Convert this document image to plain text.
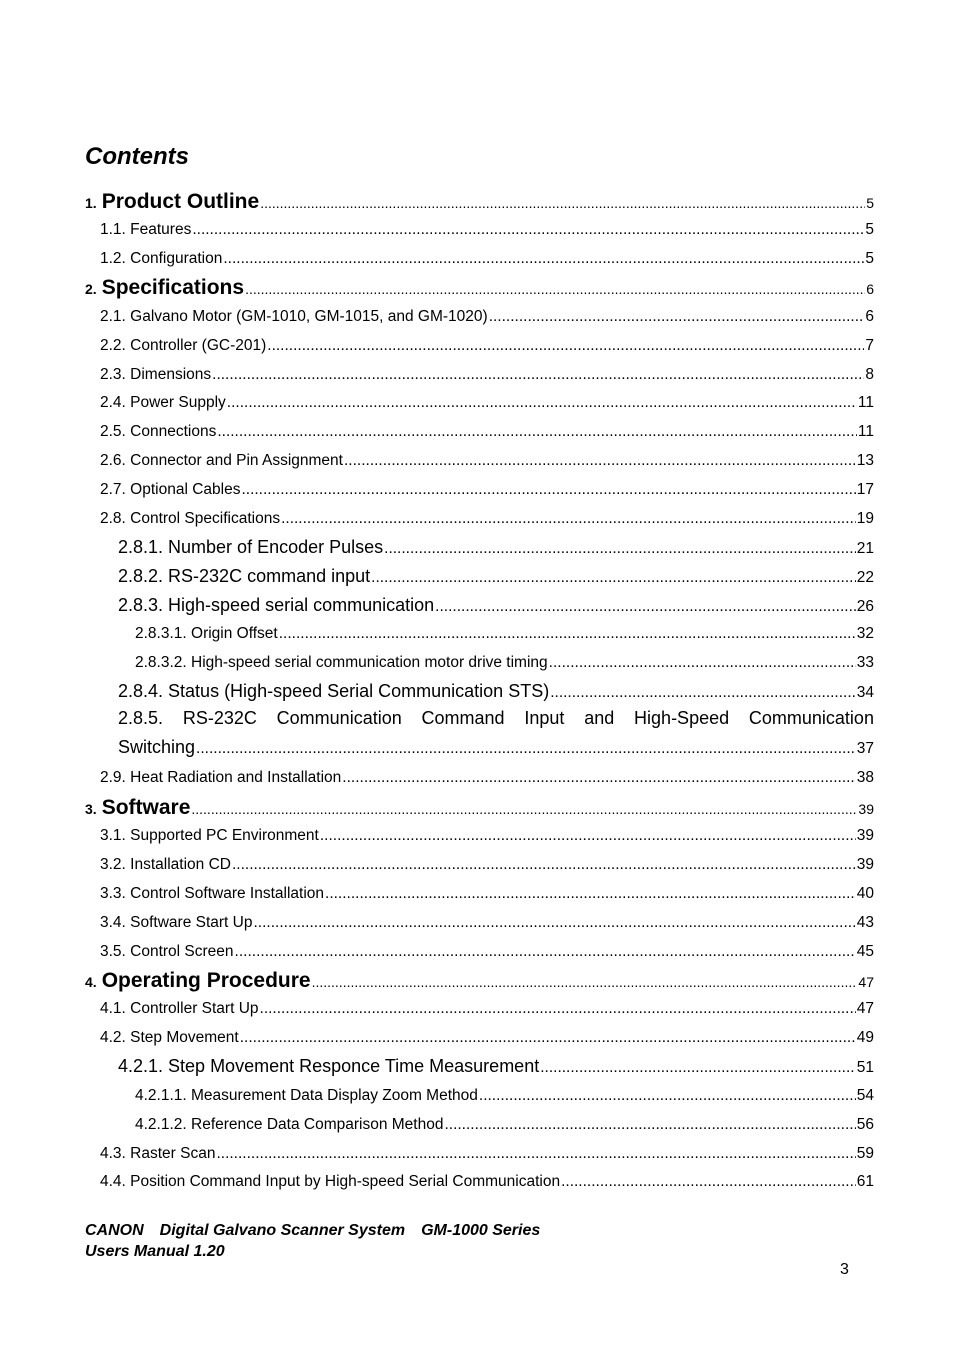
Contents
1. Product Outline .....	5
1.1. Features .....	5
1.2. Configuration .....	5
2. Specifications .....	6
2.1. Galvano Motor (GM-1010, GM-1015, and GM-1020) .....	6
2.2. Controller (GC-201) .....	7
2.3. Dimensions .....	8
2.4. Power Supply .....	11
2.5. Connections .....	11
2.6. Connector and Pin Assignment .....	13
2.7. Optional Cables .....	17
2.8. Control Specifications .....	19
2.8.1. Number of Encoder Pulses .....	21
2.8.2. RS-232C command input .....	22
2.8.3. High-speed serial communication .....	26
2.8.3.1. Origin Offset .....	32
2.8.3.2. High-speed serial communication motor drive timing .....	33
2.8.4. Status (High-speed Serial Communication STS) .....	34
2.8.5. RS-232C Communication Command Input and High-Speed Communication
Switching .....	37
2.9. Heat Radiation and Installation .....	38
3. Software .....	39
3.1. Supported PC Environment .....	39
3.2. Installation CD .....	39
3.3. Control Software Installation .....	40
3.4. Software Start Up .....	43
3.5. Control Screen .....	45
4. Operating Procedure .....	47
4.1. Controller Start Up .....	47
4.2. Step Movement .....	49
4.2.1. Step Movement Responce Time Measurement .....	51
4.2.1.1. Measurement Data Display Zoom Method .....	54
4.2.1.2. Reference Data Comparison Method .....	56
4.3. Raster Scan .....	59
4.4. Position Command Input by High-speed Serial Communication .....	61
CANON Digital Galvano Scanner System GM-1000 Series
Users Manual 1.20
3
